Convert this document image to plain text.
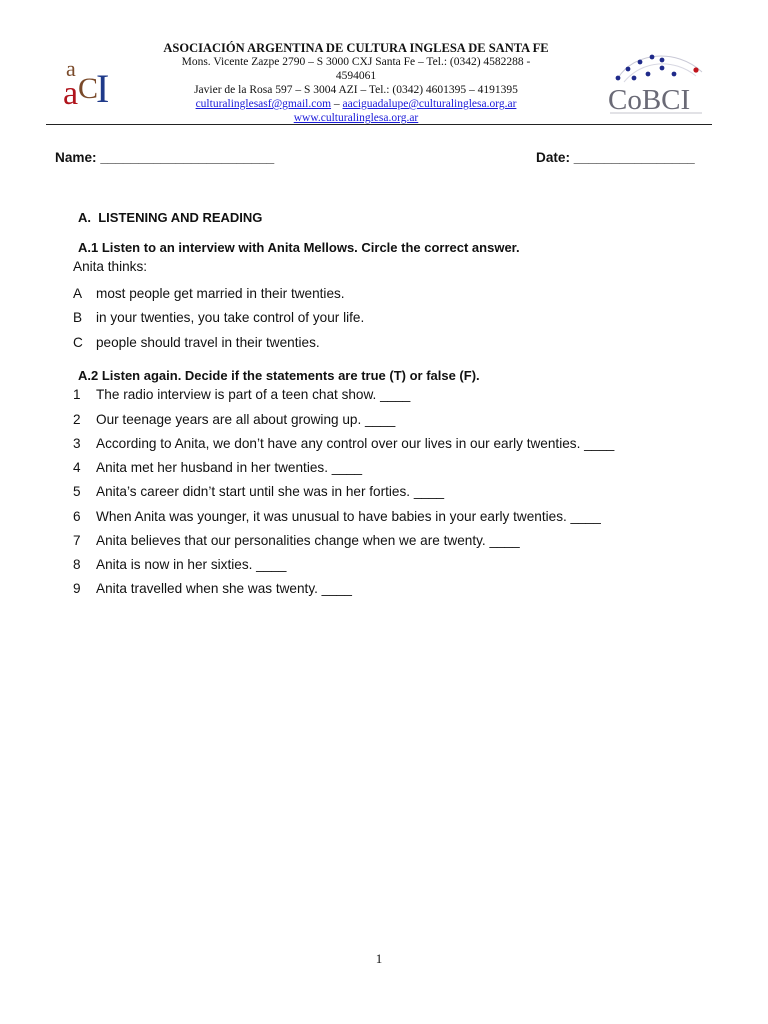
a
a C
I
ASOCIACIÓN ARGENTINA DE CULTURA INGLESA DE SANTA FE
Mons. Vicente Zazpe 2790 – S 3000 CXJ Santa Fe – Tel.: (0342) 4582288 -
4594061
Javier de la Rosa 597 – S 3004 AZI – Tel.: (0342) 4601395 – 4191395
culturalinglesasf@gmail.com – aaciguadalupe@culturalinglesa.org.ar
www.culturalinglesa.org.ar
CoBCI
Name: _______________________	Date: ________________
A. LISTENING AND READING
A.1 Listen to an interview with Anita Mellows. Circle the correct answer.
Anita thinks:
A	most people get married in their twenties.
B	in your twenties, you take control of your life.
C people should travel in their twenties.
A.2 Listen again. Decide if the statements are true (T) or false (F).
1	The radio interview is part of a teen chat show. ____
2	Our teenage years are all about growing up. ____
3	According to Anita, we don’t have any control over our lives in our early twenties. ____
4	Anita met her husband in her twenties. ____
5	Anita’s career didn’t start until she was in her forties. ____
6	When Anita was younger, it was unusual to have babies in your early twenties. ____
7	Anita believes that our personalities change when we are twenty. ____
8	Anita is now in her sixties. ____
9	Anita travelled when she was twenty. ____
1
